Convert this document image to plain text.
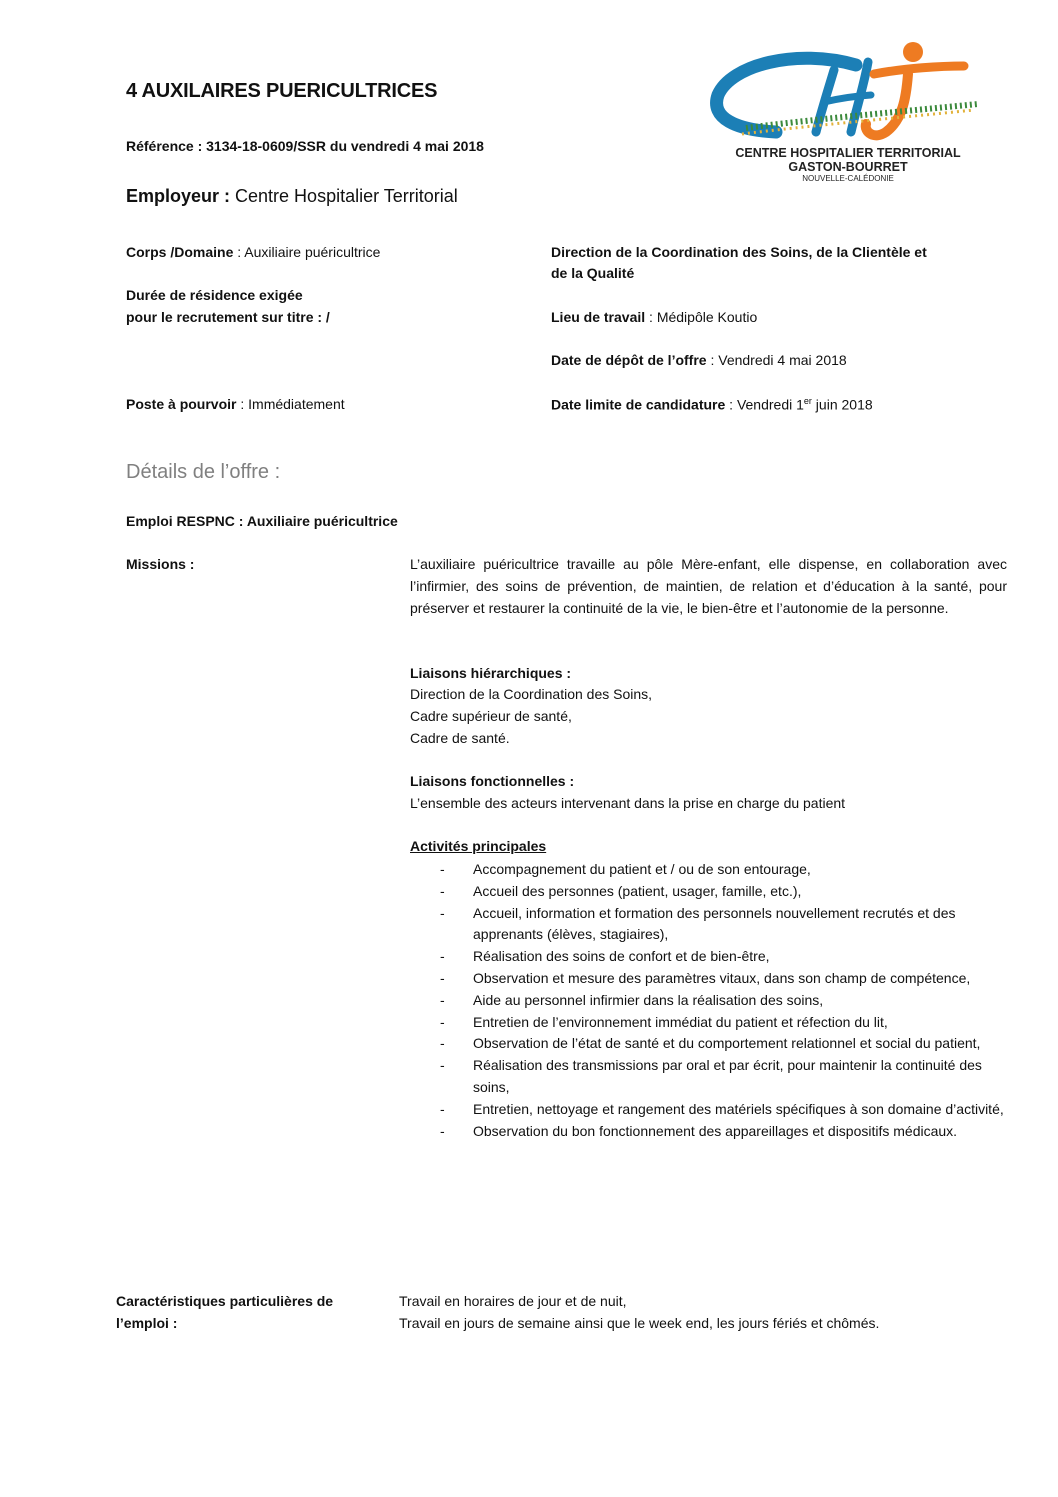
4 AUXILAIRES PUERICULTRICES
Référence : 3134-18-0609/SSR du vendredi 4 mai 2018
Employeur : Centre Hospitalier Territorial
CENTRE HOSPITALIER TERRITORIAL
GASTON-BOURRET
NOUVELLE-CALÉDONIE
Corps /Domaine : Auxiliaire puéricultrice
Durée de résidence exigée
pour le recrutement sur titre : /
Poste à pourvoir : Immédiatement
Direction de la Coordination des Soins, de la Clientèle et
de la Qualité
Lieu de travail : Médipôle Koutio
Date de dépôt de l’offre : Vendredi 4 mai 2018
Date limite de candidature : Vendredi 1er juin 2018
Détails de l’offre :
Emploi RESPNC : Auxiliaire puéricultrice
Missions :	L’auxiliaire puéricultrice travaille au pôle Mère-enfant, elle dispense, en collaboration avec l’infirmier, des soins de prévention, de maintien, de relation et d’éducation à la santé, pour préserver et restaurer la continuité de la vie, le bien-être et l’autonomie de la personne.
Liaisons hiérarchiques :
Direction de la Coordination des Soins,
Cadre supérieur de santé,
Cadre de santé.
Liaisons fonctionnelles :
L’ensemble des acteurs intervenant dans la prise en charge du patient
Activités principales
- Accompagnement du patient et / ou de son entourage,
- Accueil des personnes (patient, usager, famille, etc.),
- Accueil, information et formation des personnels nouvellement recrutés et des apprenants (élèves, stagiaires),
- Réalisation des soins de confort et de bien-être,
- Observation et mesure des paramètres vitaux, dans son champ de compétence,
- Aide au personnel infirmier dans la réalisation des soins,
- Entretien de l’environnement immédiat du patient et réfection du lit,
- Observation de l’état de santé et du comportement relationnel et social du patient,
- Réalisation des transmissions par oral et par écrit, pour maintenir la continuité des soins,
- Entretien, nettoyage et rangement des matériels spécifiques à son domaine d’activité,
- Observation du bon fonctionnement des appareillages et dispositifs médicaux.
Caractéristiques particulières de
l’emploi :
Travail en horaires de jour et de nuit,
Travail en jours de semaine ainsi que le week end, les jours fériés et chômés.
